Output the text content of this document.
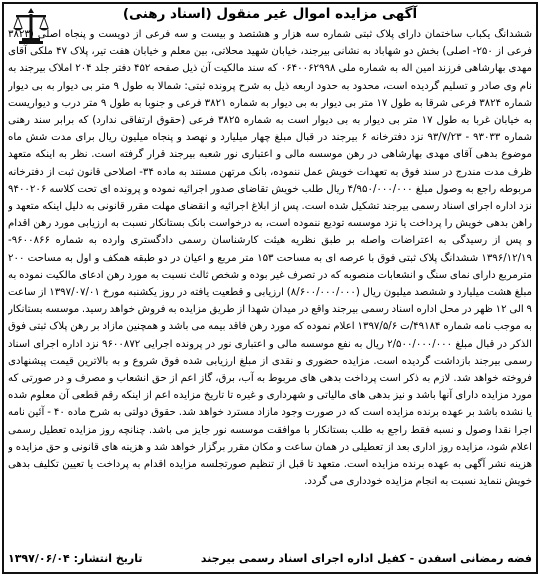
آگهی مزایده اموال غیر منقول (اسناد رهنی)
ششدانگ یکباب ساختمان دارای پلاک ثبتی شماره سه هزار و هشتصد و بیست و سه فرعی از دویست و پنجاه اصلی (۳۸۲۳ فرعی از ۲۵۰- اصلی) بخش دو شهاباد به نشانی بیرجند، خیابان شهید محلاتی، بین معلم و خیابان هفت تیر، پلاک ۴۷ ملکی آقای مهدی بهارشاهی فرزند امین اله به شماره ملی ۰۶۴۰۰۶۲۹۹۸ که سند مالکیت آن ذیل صفحه ۴۵۲ دفتر جلد ۲۰۴ املاک بیرجند به نام وی صادر و تسلیم گردیده است، محدود به حدود اربعه ذیل به شرح پرونده ثبتی: شمالا به طول ۹ متر بی دیوار به بی دیوار شماره ۳۸۲۴ فرعی شرقا به طول ۱۷ متر بی دیوار به بی دیوار به شماره ۳۸۲۱ فرعی و جنوبا به طول ۹ متر درب و دیواریست به خیابان غربا به طول ۱۷ متر بی دیوار به بی دیوار است به شماره ۳۸۲۵ فرعی (حقوق ارتفاقی ندارد) که برابر سند رهنی شماره ۹۳۰۳۳ - ۹۳/۷/۲۳ نزد دفترخانه ۶ بیرجند در قبال مبلغ چهار میلیارد و نهصد و پنجاه میلیون ریال برای مدت شش ماه موضوع بدهی آقای مهدی بهارشاهی در رهن موسسه مالی و اعتباری نور شعبه بیرجند قرار گرفته است. نظر به اینکه متعهد ظرف مدت مندرج در سند فوق به تعهدات خویش عمل ننموده، بانک مرتهن مستند به ماده ۳۴- اصلاحی قانون ثبت از دفترخانه مربوطه راجع به وصول مبلغ ۴/۹۵۰/۰۰۰/۰۰۰ ریال طلب خویش تقاضای صدور اجرائیه نموده و پرونده ای تحت کلاسه ۹۴۰۰۲۰۶ نزد اداره اجرای اسناد رسمی بیرجند تشکیل شده است. پس از ابلاغ اجرائیه و انقضای مهلت مقرر قانونی به دلیل اینکه متعهد و راهن بدهی خویش را پرداخت یا نزد موسسه تودیع ننموده است، به درخواست بانک بستانکار نسبت به ارزیابی مورد رهن اقدام و پس از رسیدگی به اعتراضات واصله بر طبق نظریه هیئت کارشناسان رسمی دادگستری وارده به شماره ۹۶۰۰۸۶۶- ۱۳۹۶/۱۲/۱۹ ششدانگ پلاک ثبتی فوق با عرصه ای به مساحت ۱۵۳ متر مربع و اعیان در دو طبقه همکف و اول به مساحت ۲۰۰ مترمربع دارای نمای سنگ و انشعابات منصوبه که در تصرف غیر بوده و شخص ثالث نسبت به مورد رهن ادعای مالکیت نموده به مبلغ هشت میلیارد و ششصد میلیون ریال (۸/۶۰۰/۰۰۰/۰۰۰) ارزیابی و قطعیت یافته در روز یکشنبه مورخ ۱۳۹۷/۰۷/۰۱ از ساعت ۹ الی ۱۲ ظهر در محل اداره اسناد رسمی بیرجند واقع در میدان شهدا از طریق مزایده به فروش خواهد رسید. موسسه بستانکار به موجب نامه شماره ۴۹۱۸۴/ت ۱۳۹۷/۵/۶ اعلام نموده که مورد رهن فاقد بیمه می باشد و همچنین مازاد بر رهن پلاک ثبتی فوق الذکر در قبال مبلغ ۲/۵۰۰/۰۰۰/۰۰۰ ریال به نفع موسسه مالی و اعتباری نور در پرونده اجرایی ۹۶۰۰۸۷۲ نزد اداره اجرای اسناد رسمی بیرجند بازداشت گردیده است. مزایده حضوری و نقدی از مبلغ ارزیابی شده فوق شروع و به بالاترین قیمت پیشنهادی فروخته خواهد شد. لازم به ذکر است پرداخت بدهی های مربوط به آب، برق، گاز اعم از حق انشعاب و مصرف و در صورتی که مورد مزایده دارای آنها باشد و نیز بدهی های مالیاتی و شهرداری و غیره تا تاریخ مزایده اعم از اینکه رقم قطعی آن معلوم شده یا نشده باشد بر عهده برنده مزایده است که در صورت وجود مازاد مسترد خواهد شد. حقوق دولتی به شرح ماده ۴۰ - آئین نامه اجرا نقدا وصول و نسبه فقط راجع به طلب بستانکار با موافقت موسسه نور جایز می باشد. چنانچه روز مزایده تعطیل رسمی اعلام شود، مزایده روز اداری بعد از تعطیلی در همان ساعت و مکان مقرر برگزار خواهد شد و هزینه های قانونی و حق مزایده و هزینه نشر آگهی به عهده برنده مزایده است. متعهد تا قبل از تنظیم صورتجلسه مزایده اقدام به پرداخت یا تعیین تکلیف بدهی خویش ننماید نسبت به انجام مزایده خودداری می گردد.
تاریخ انتشار: ۱۳۹۷/۰۶/۰۴	فضه رمضانی اسفدن - کفیل اداره اجرای اسناد رسمی بیرجند
